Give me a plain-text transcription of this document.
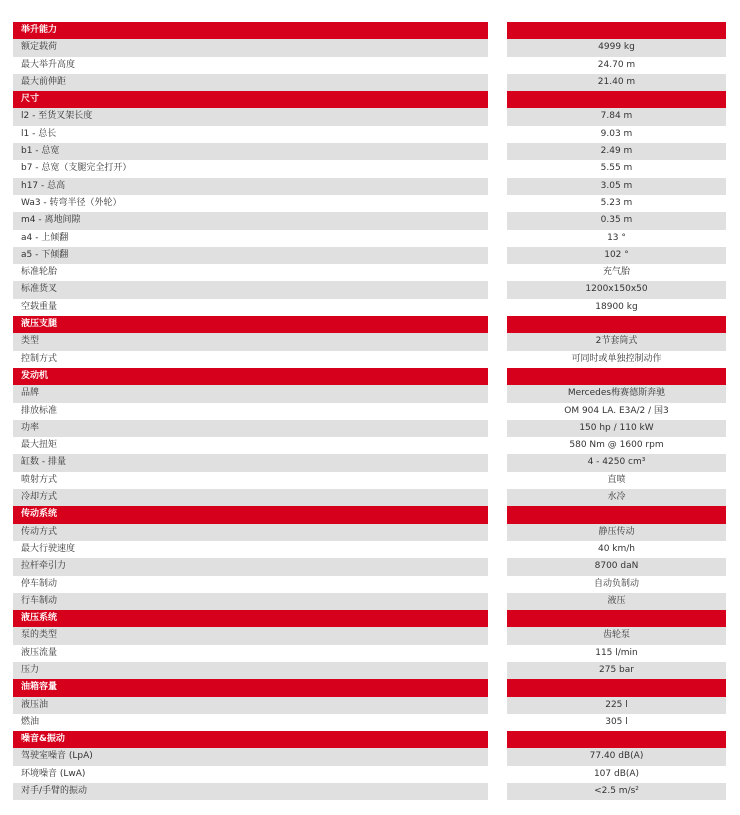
举升能力
额定载荷	4999 kg
最大举升高度	24.70 m
最大前伸距	21.40 m
尺寸
l2 - 至货叉架长度	7.84 m
l1 - 总长	9.03 m
b1 - 总宽	2.49 m
b7 - 总宽（支腿完全打开）	5.55 m
h17 - 总高	3.05 m
Wa3 - 转弯半径（外轮）	5.23 m
m4 - 离地间隙	0.35 m
a4 - 上倾翻	13 °
a5 - 下倾翻	102 °
标准轮胎	充气胎
标准货叉	1200x150x50
空载重量	18900 kg
液压支腿
类型	2节套筒式
控制方式	可同时或单独控制动作
发动机
品牌	Mercedes梅赛德斯奔驰
排放标准	OM 904 LA. E3A/2 / 国3
功率	150 hp / 110 kW
最大扭矩	580 Nm @ 1600 rpm
缸数 - 排量	4 - 4250 cm³
喷射方式	直喷
冷却方式	水冷
传动系统
传动方式	静压传动
最大行驶速度	40 km/h
拉杆牵引力	8700 daN
停车制动	自动负制动
行车制动	液压
液压系统
泵的类型	齿轮泵
液压流量	115 l/min
压力	275 bar
油箱容量
液压油	225 l
燃油	305 l
噪音&振动
驾驶室噪音 (LpA)	77.40 dB(A)
环境噪音 (LwA)	107 dB(A)
对手/手臂的振动	<2.5 m/s²
